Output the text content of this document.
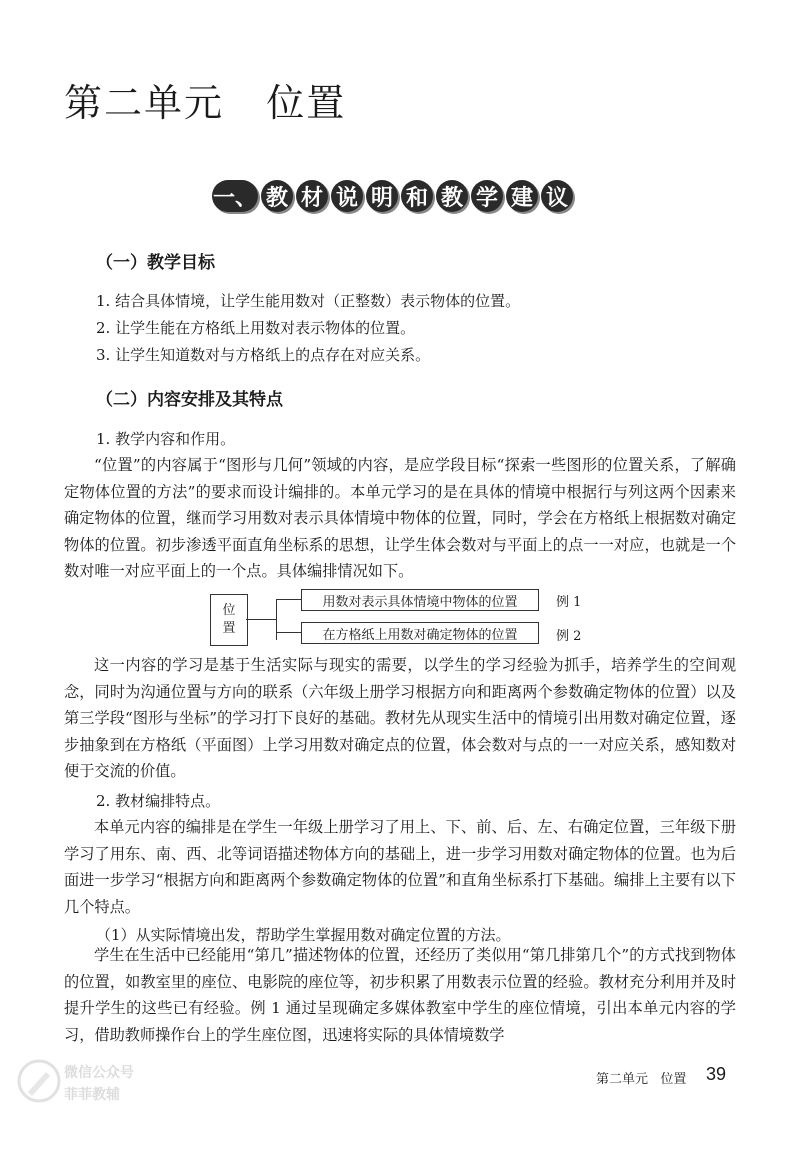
第二单元   位置
一、 教 材 说 明 和 教 学 建 议
（一）教学目标
1. 结合具体情境，让学生能用数对（正整数）表示物体的位置。
2. 让学生能在方格纸上用数对表示物体的位置。
3. 让学生知道数对与方格纸上的点存在对应关系。
（二）内容安排及其特点
1. 教学内容和作用。
“位置”的内容属于“图形与几何”领域的内容，是应学段目标“探索一些图形的位置关系，了解确定物体位置的方法”的要求而设计编排的。本单元学习的是在具体的情境中根据行与列这两个因素来确定物体的位置，继而学习用数对表示具体情境中物体的位置，同时，学会在方格纸上根据数对确定物体的位置。初步渗透平面直角坐标系的思想，让学生体会数对与平面上的点一一对应，也就是一个数对唯一对应平面上的一个点。具体编排情况如下。
位
置
用数对表示具体情境中物体的位置
在方格纸上用数对确定物体的位置
例 1
例 2
这一内容的学习是基于生活实际与现实的需要，以学生的学习经验为抓手，培养学生的空间观念，同时为沟通位置与方向的联系（六年级上册学习根据方向和距离两个参数确定物体的位置）以及第三学段“图形与坐标”的学习打下良好的基础。教材先从现实生活中的情境引出用数对确定位置，逐步抽象到在方格纸（平面图）上学习用数对确定点的位置，体会数对与点的一一对应关系，感知数对便于交流的价值。
2. 教材编排特点。
本单元内容的编排是在学生一年级上册学习了用上、下、前、后、左、右确定位置，三年级下册学习了用东、南、西、北等词语描述物体方向的基础上，进一步学习用数对确定物体的位置。也为后面进一步学习“根据方向和距离两个参数确定物体的位置”和直角坐标系打下基础。编排上主要有以下几个特点。
（1）从实际情境出发，帮助学生掌握用数对确定位置的方法。
学生在生活中已经能用“第几”描述物体的位置，还经历了类似用“第几排第几个”的方式找到物体的位置，如教室里的座位、电影院的座位等，初步积累了用数表示位置的经验。教材充分利用并及时提升学生的这些已有经验。例 1 通过呈现确定多媒体教室中学生的座位情境，引出本单元内容的学习，借助教师操作台上的学生座位图，迅速将实际的具体情境数学
微信公众号
菲菲教辅
第二单元   位置 39
